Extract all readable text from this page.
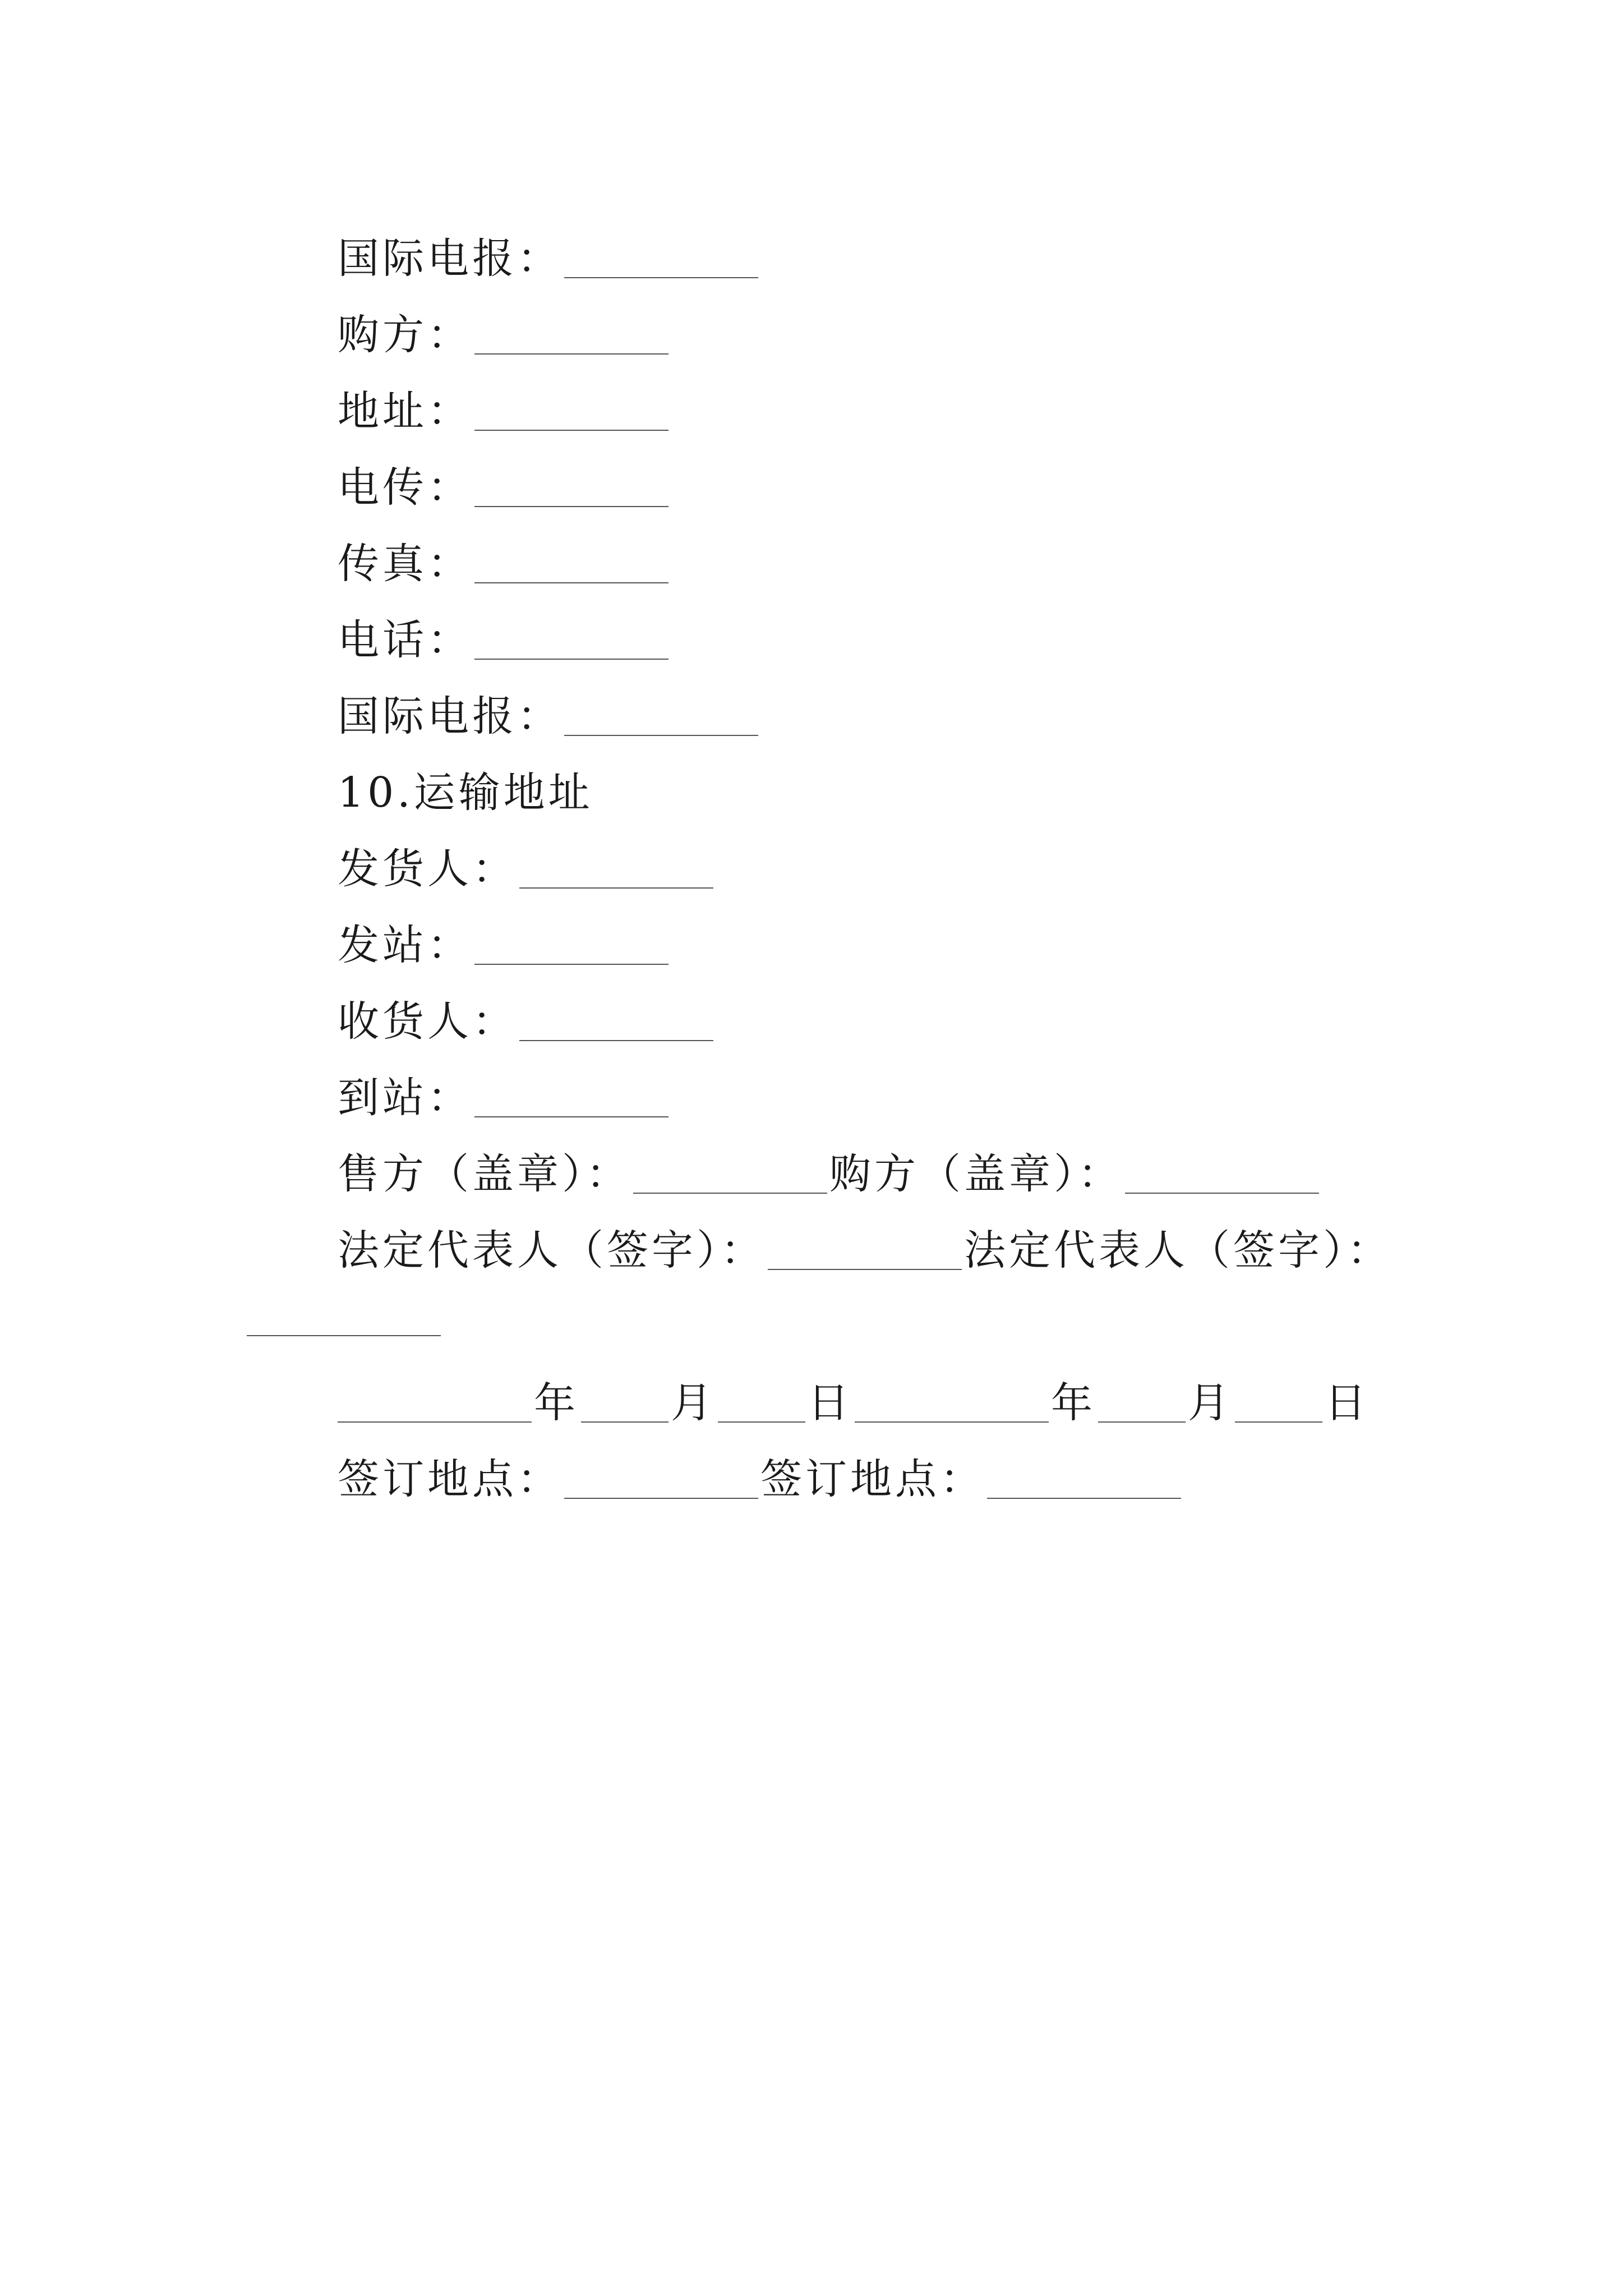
国际电报：
购方：
地址：
电传：
传真：
电话：
国际电报：
10.运输地址
发货人：
发站：
收货人：
到站：
售方（盖章）：	购方（盖章）：
法定代表人（签字）：	法定代表人（签字）：
年 月 日	年 月 日
签订地点：	签订地点：
